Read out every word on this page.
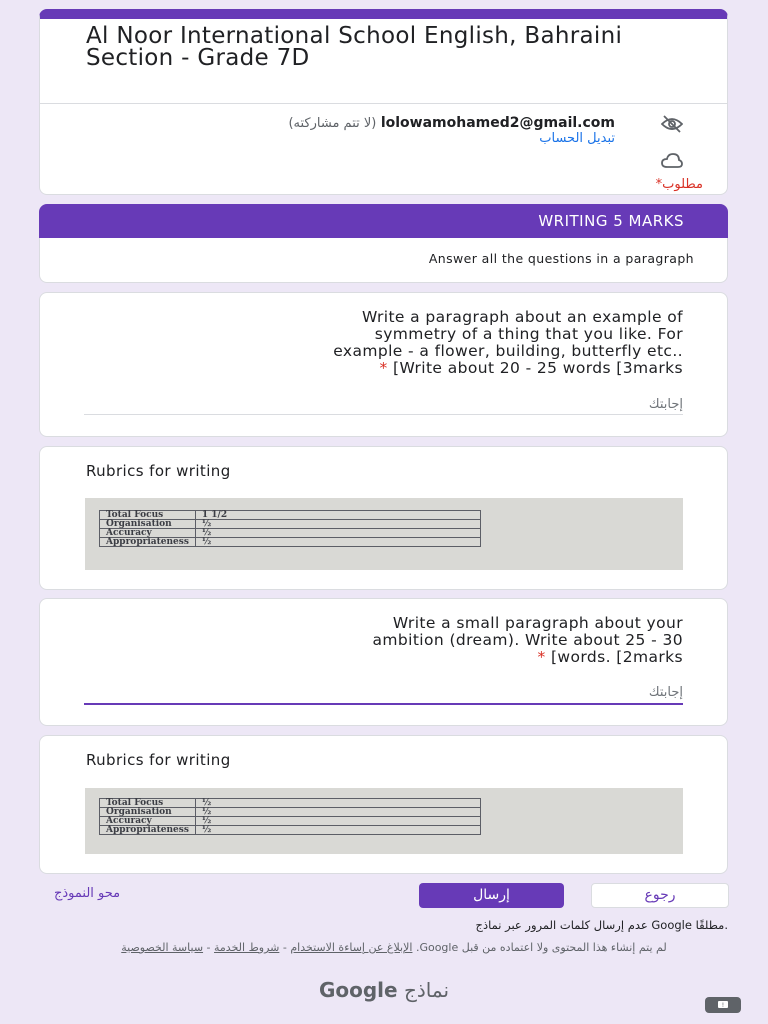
Al Noor International School English, Bahraini Section - Grade 7D
(لا تتم مشاركته) lolowamohamed2@gmail.com
تبديل الحساب
*مطلوب
WRITING 5 MARKS
Answer all the questions in a paragraph
Write a paragraph about an example of
symmetry of a thing that you like. For
example - a flower, building, butterfly etc..
* [Write about 20 - 25 words [3marks
إجابتك
Rubrics for writing
Total Focus	1 1/2
Organisation	½
Accuracy	½
Appropriateness	½
Write a small paragraph about your
ambition (dream). Write about 25 - 30
* [words. [2marks
إجابتك
Rubrics for writing
Total Focus	½
Organisation	½
Accuracy	½
Appropriateness	½
رجوع
إرسال
محو النموذج
عدم إرسال كلمات المرور عبر نماذج Google مطلقًا.
لم يتم إنشاء هذا المحتوى ولا اعتماده من قبل Google. الإبلاغ عن إساءة الاستخدام - شروط الخدمة - سياسة الخصوصية
Google نماذج
!
